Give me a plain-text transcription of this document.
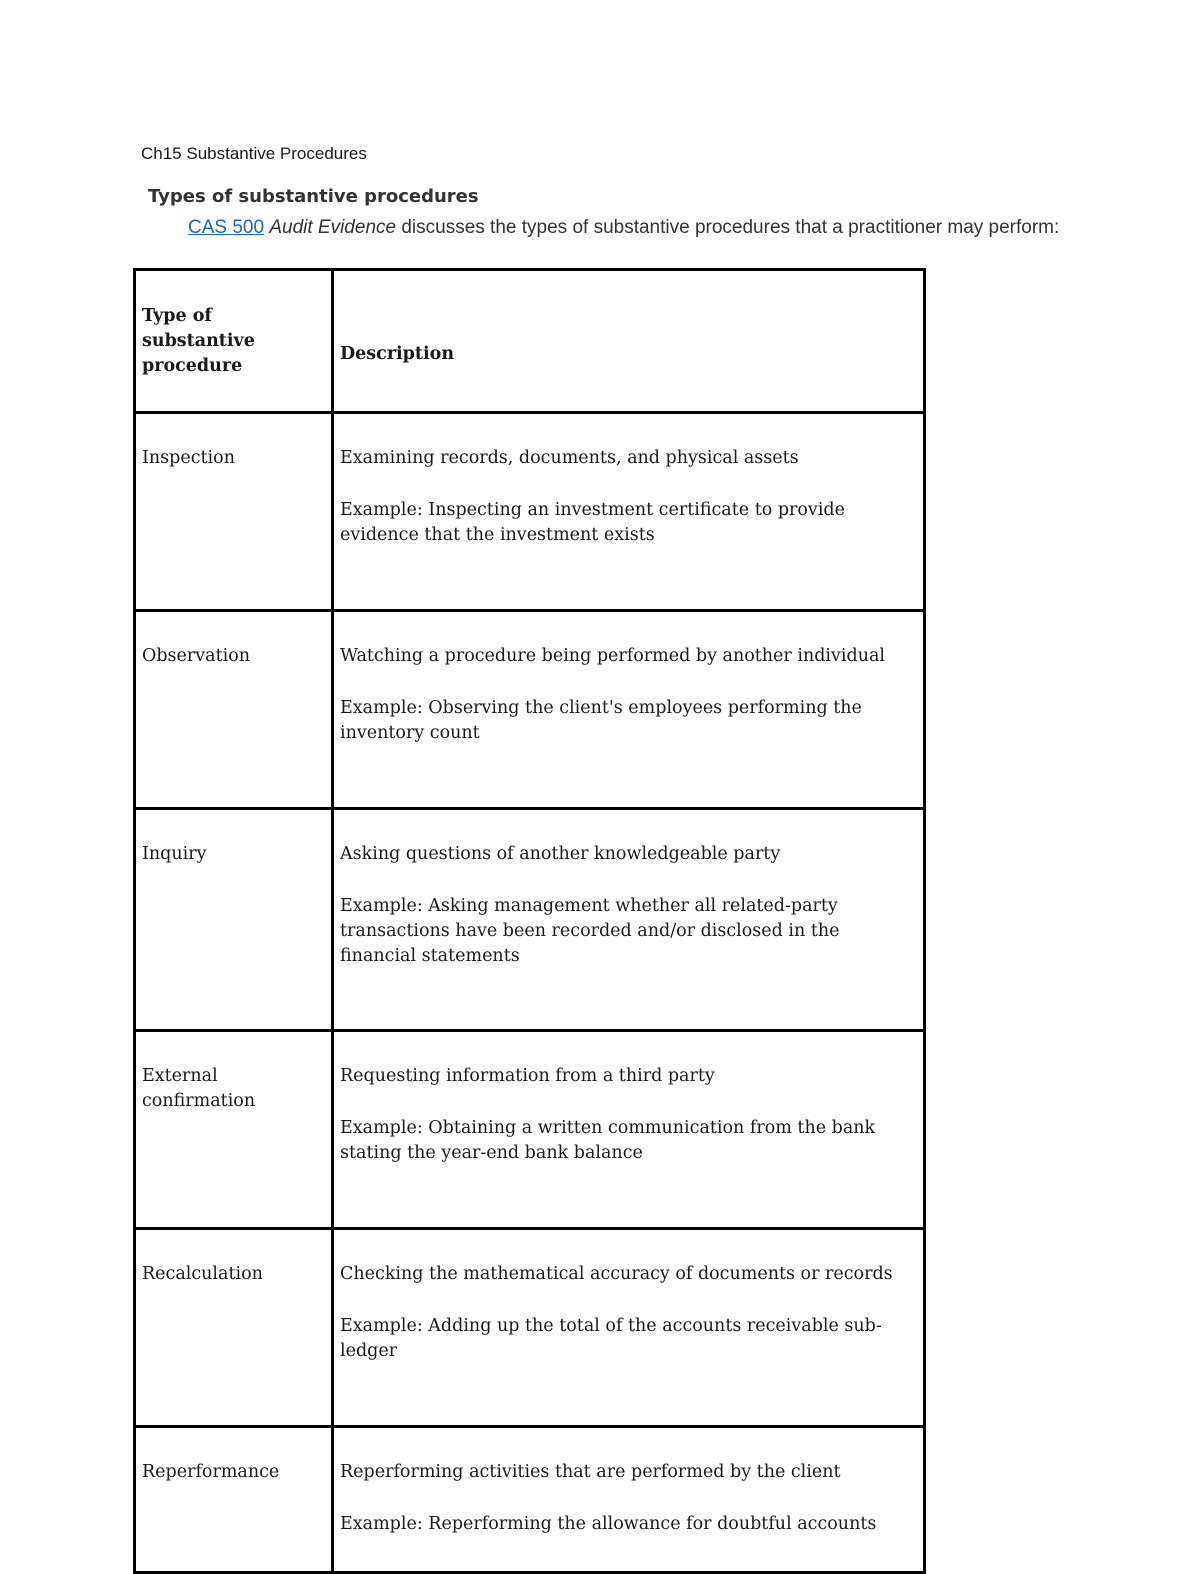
Ch15 Substantive Procedures
Types of substantive procedures
CAS 500 Audit Evidence discusses the types of substantive procedures that a practitioner may perform:
Type of substantive procedure	Description
Inspection	Examining records, documents, and physical assets

Example: Inspecting an investment certificate to provide evidence that the investment exists

Observation	Watching a procedure being performed by another individual

Example: Observing the client's employees performing the inventory count

Inquiry	Asking questions of another knowledgeable party

Example: Asking management whether all related-party transactions have been recorded and/or disclosed in the financial statements

External confirmation	Requesting information from a third party

Example: Obtaining a written communication from the bank stating the year-end bank balance

Recalculation	Checking the mathematical accuracy of documents or records

Example: Adding up the total of the accounts receivable sub-ledger

Reperformance	Reperforming activities that are performed by the client

Example: Reperforming the allowance for doubtful accounts
